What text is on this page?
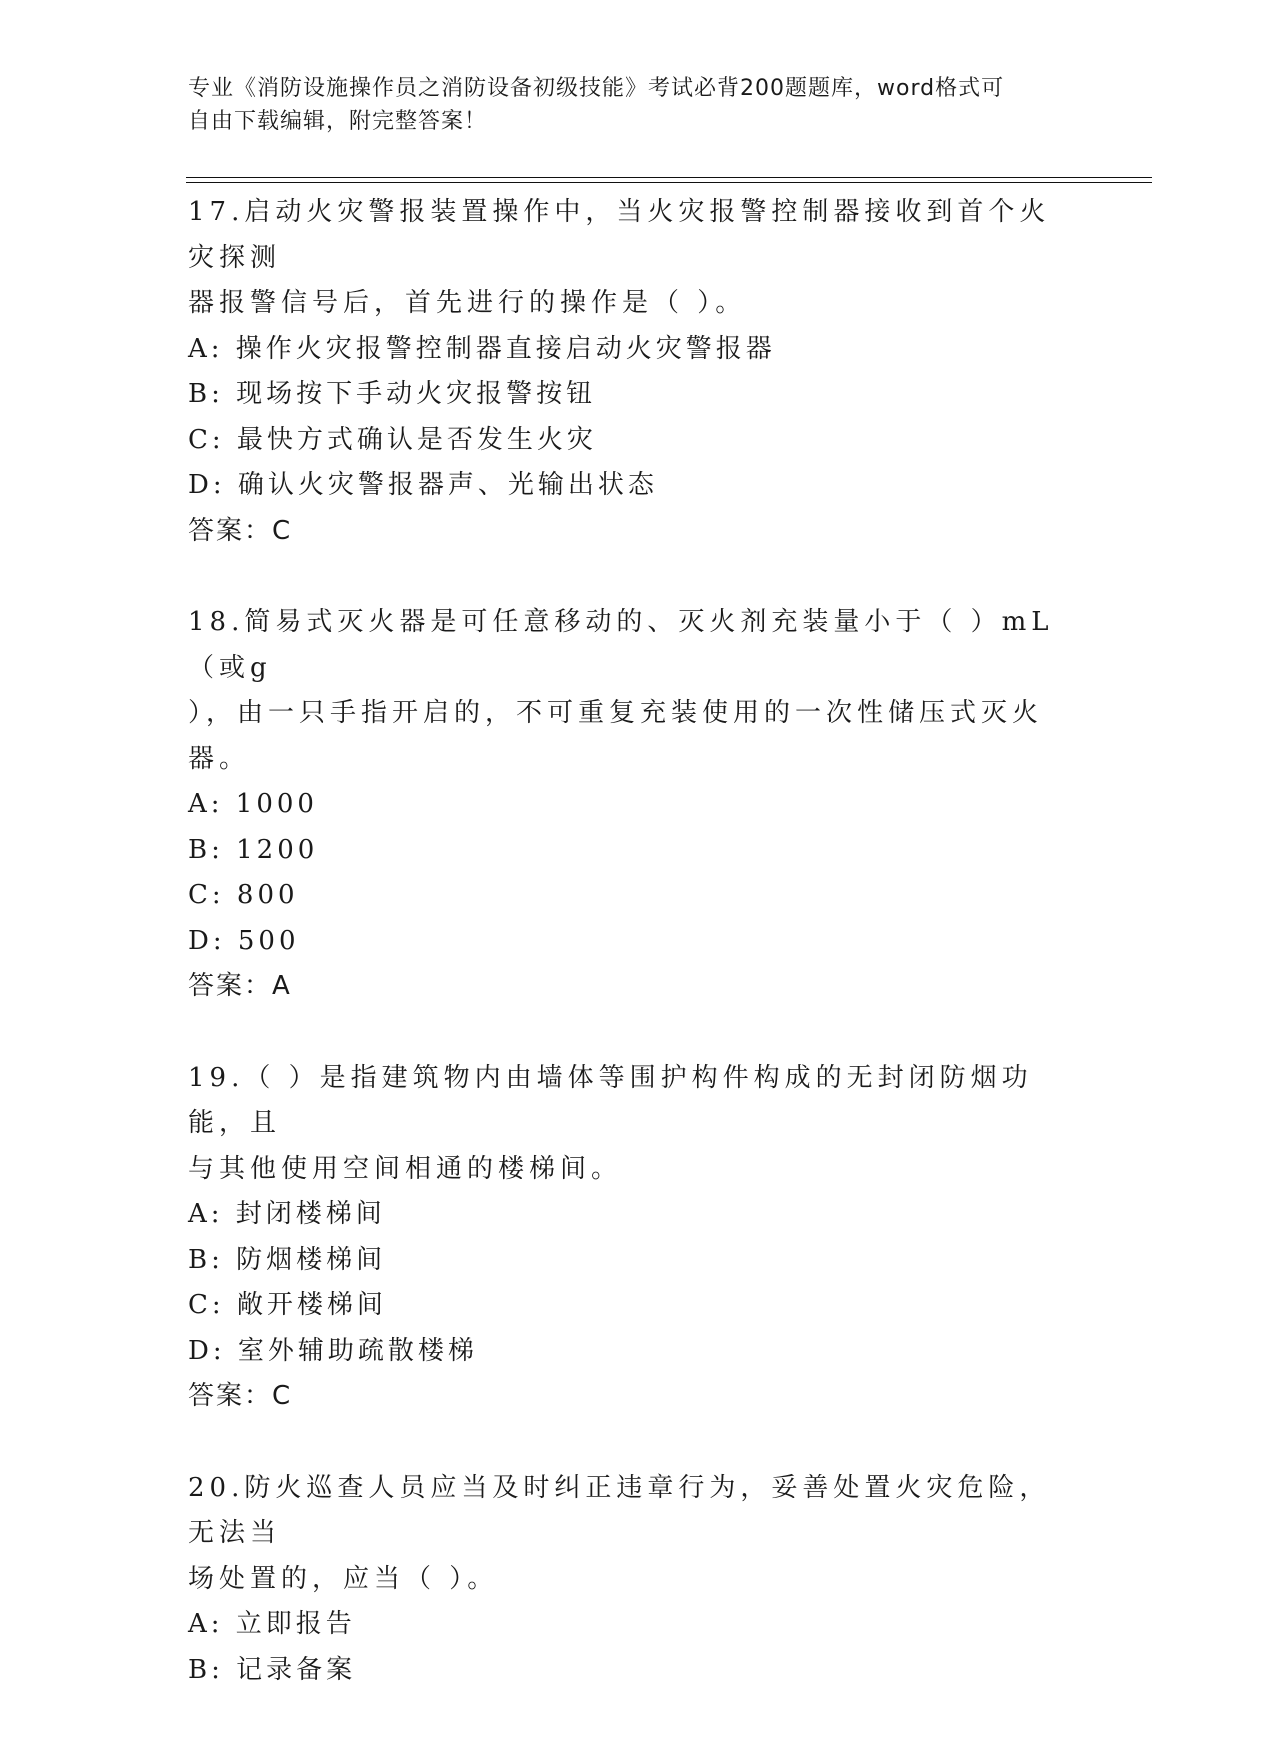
专业《消防设施操作员之消防设备初级技能》考试必背200题题库，word格式可
自由下载编辑，附完整答案！
17.启动火灾警报装置操作中，当火灾报警控制器接收到首个火灾探测
器报警信号后，首先进行的操作是（ ）。
A: 操作火灾报警控制器直接启动火灾警报器
B: 现场按下手动火灾报警按钮
C: 最快方式确认是否发生火灾
D: 确认火灾警报器声、光输出状态
答案：C
18.简易式灭火器是可任意移动的、灭火剂充装量小于（ ）mL（或g
），由一只手指开启的，不可重复充装使用的一次性储压式灭火器。
A: 1000
B: 1200
C: 800
D: 500
答案：A
19.（ ）是指建筑物内由墙体等围护构件构成的无封闭防烟功能，且
与其他使用空间相通的楼梯间。
A: 封闭楼梯间
B: 防烟楼梯间
C: 敞开楼梯间
D: 室外辅助疏散楼梯
答案：C
20.防火巡查人员应当及时纠正违章行为，妥善处置火灾危险，无法当
场处置的，应当（ ）。
A: 立即报告
B: 记录备案
